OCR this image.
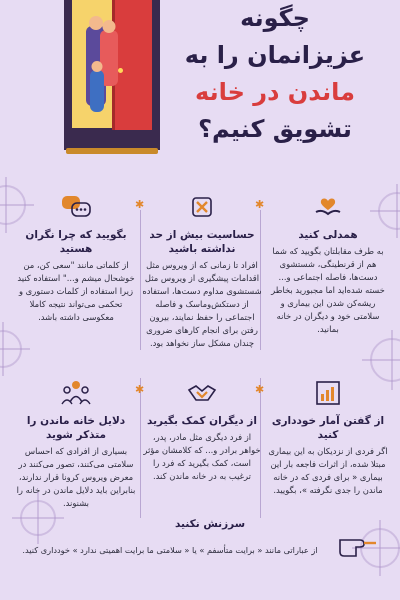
چگونه
عزیزانمان را به
ماندن در خانه
تشویق کنیم؟
✱	✱
✱	✱
همدلی کنید

به طرف مقابلتان بگویید که شما هم از قرنطینگی، شستشوی دست‌ها، فاصله اجتماعی و... خسته شده‌اید اما مجبورید بخاطر ریشه‌کن شدن این بیماری و سلامتی خود و دیگران در خانه بمانید.

حساسیت بیش از حد نداشته باشید

افراد تا زمانی که از ویروس مثل اقدامات پیشگیری از ویروس مثل شستشوی مداوم دست‌ها، استفاده از دستکش‌وماسک و فاصله اجتماعی را حفظ نمایند، بیرون رفتن برای انجام کارهای ضروری چندان مشکل ساز نخواهد بود.

بگویید که چرا نگران هستید

از کلماتی مانند "سعی کن، من خوشحال میشم و..." استفاده کنید زیرا استفاده از کلمات دستوری و تحکمی می‌تواند نتیجه کاملا معکوسی داشته باشد.

از گفتن آمار خودداری کنید

اگر فردی از نزدیکان به این بیماری مبتلا شده، از اثرات فاجعه بار این بیماری « برای فردی که در خانه ماندن را جدی نگرفته »، بگویید.

از دیگران کمک بگیرید

از فرد دیگری مثل مادر، پدر، خواهر برادر و... که کلامشان مؤثر است، کمک بگیرید که فرد را ترغیب به در خانه ماندن کند.

دلایل خانه ماندن را متذکر شوید

بسیاری از افرادی که احساس سلامتی می‌کنند، تصور می‌کنند در معرض ویروس کرونا قرار ندارند، بنابراین باید دلایل ماندن در خانه را بشنوند.

سرزنش نکنید

از عباراتی مانند « برایت متأسفم » یا « سلامتی ما برایت اهمیتی ندارد » خودداری کنید.
